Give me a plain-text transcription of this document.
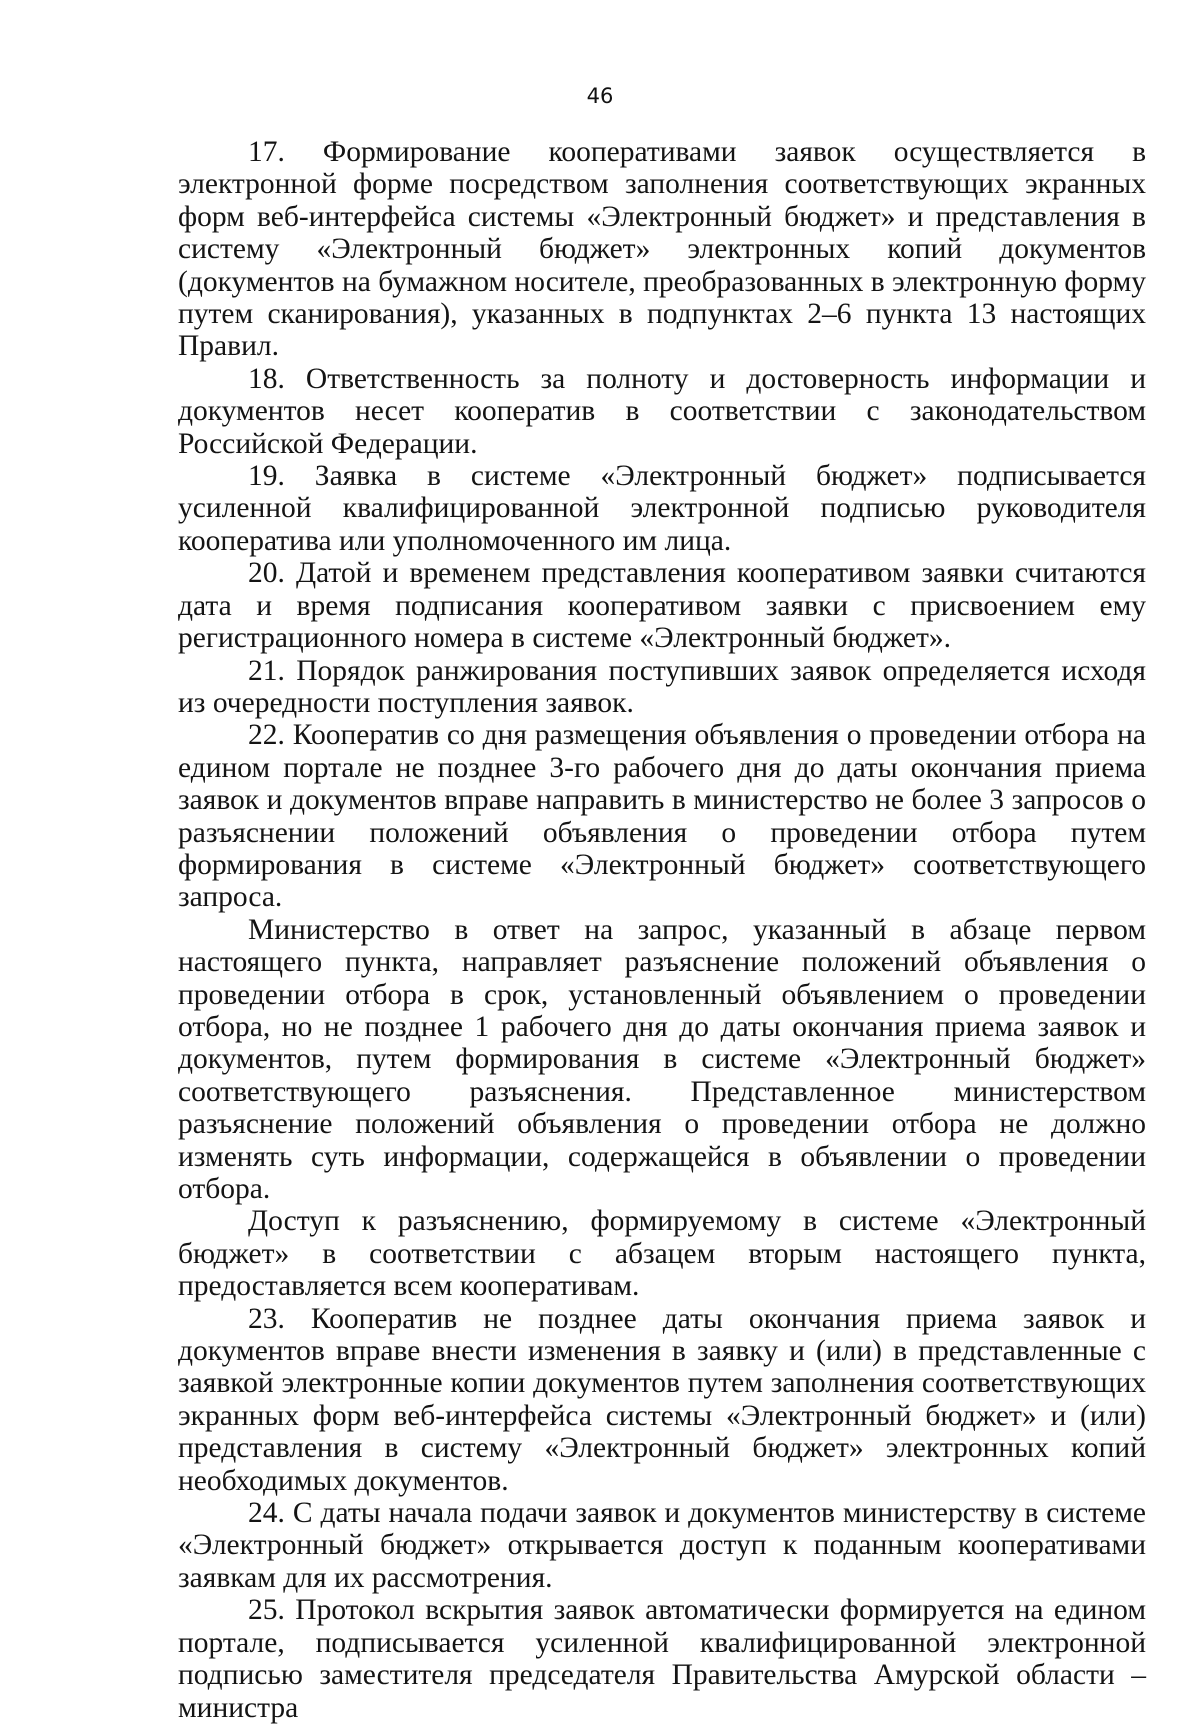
46

17. Формирование кооперативами заявок осуществляется в электронной форме посредством заполнения соответствующих экранных форм веб-интерфейса системы «Электронный бюджет» и представления в систему «Электронный бюджет» электронных копий документов (документов на бумажном носителе, преобразованных в электронную форму путем сканирования), указанных в подпунктах 2–6 пункта 13 настоящих Правил.

18. Ответственность за полноту и достоверность информации и документов несет кооператив в соответствии с законодательством Российской Федерации.

19. Заявка в системе «Электронный бюджет» подписывается усиленной квалифицированной электронной подписью руководителя кооператива или уполномоченного им лица.

20. Датой и временем представления кооперативом заявки считаются дата и время подписания кооперативом заявки с присвоением ему регистрационного номера в системе «Электронный бюджет».

21. Порядок ранжирования поступивших заявок определяется исходя из очередности поступления заявок.

22. Кооператив со дня размещения объявления о проведении отбора на едином портале не позднее 3-го рабочего дня до даты окончания приема заявок и документов вправе направить в министерство не более 3 запросов о разъяснении положений объявления о проведении отбора путем формирования в системе «Электронный бюджет» соответствующего запроса.

Министерство в ответ на запрос, указанный в абзаце первом настоящего пункта, направляет разъяснение положений объявления о проведении отбора в срок, установленный объявлением о проведении отбора, но не позднее 1 рабочего дня до даты окончания приема заявок и документов, путем формирования в системе «Электронный бюджет» соответствующего разъяснения. Представленное министерством разъяснение положений объявления о проведении отбора не должно изменять суть информации, содержащейся в объявлении о проведении отбора.

Доступ к разъяснению, формируемому в системе «Электронный бюджет» в соответствии с абзацем вторым настоящего пункта, предоставляется всем кооперативам.

23. Кооператив не позднее даты окончания приема заявок и документов вправе внести изменения в заявку и (или) в представленные с заявкой электронные копии документов путем заполнения соответствующих экранных форм веб-интерфейса системы «Электронный бюджет» и (или) представления в систему «Электронный бюджет» электронных копий необходимых документов.

24. С даты начала подачи заявок и документов министерству в системе «Электронный бюджет» открывается доступ к поданным кооперативами заявкам для их рассмотрения.

25. Протокол вскрытия заявок автоматически формируется на едином портале, подписывается усиленной квалифицированной электронной подписью заместителя председателя Правительства Амурской области – министра
